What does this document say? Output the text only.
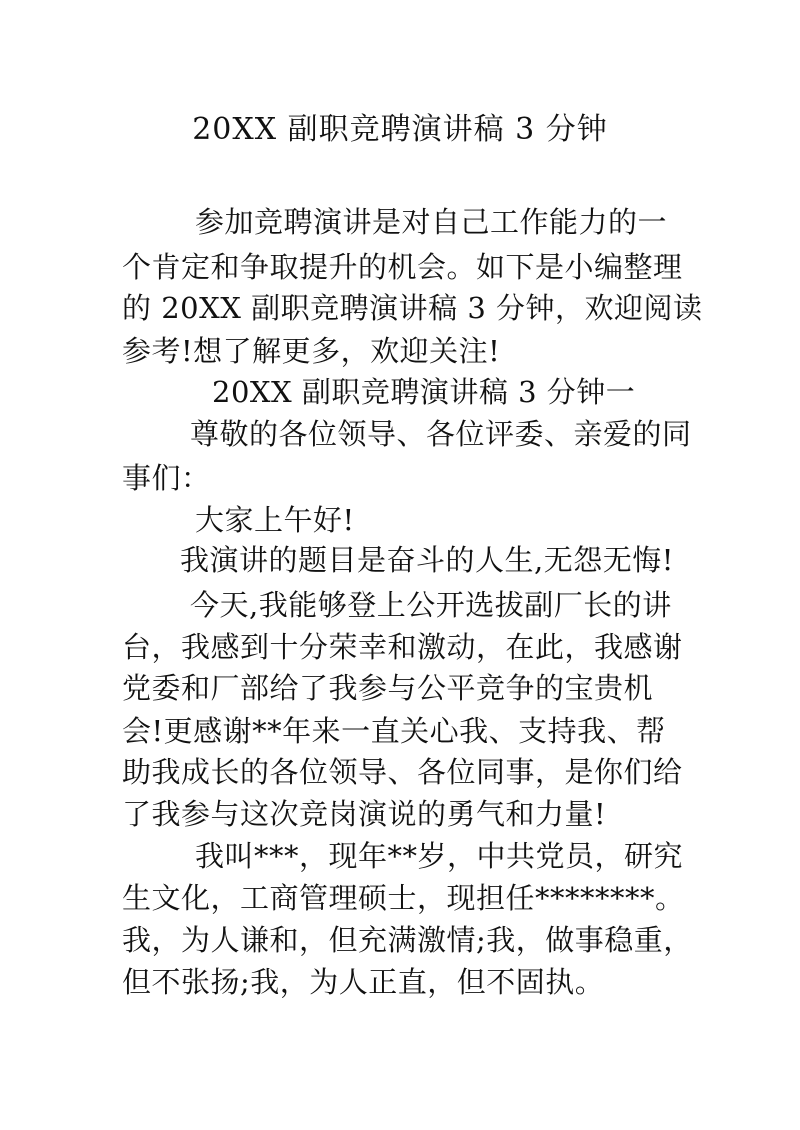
20XX 副职竞聘演讲稿 3 分钟
参加竞聘演讲是对自己工作能力的一
个肯定和争取提升的机会。如下是小编整理
的 20XX 副职竞聘演讲稿 3 分钟，欢迎阅读
参考!想了解更多，欢迎关注!
20XX 副职竞聘演讲稿 3 分钟一
尊敬的各位领导、各位评委、亲爱的同
事们：
大家上午好!
我演讲的题目是奋斗的人生,无怨无悔!
今天,我能够登上公开选拔副厂长的讲
台，我感到十分荣幸和激动，在此，我感谢
党委和厂部给了我参与公平竞争的宝贵机
会!更感谢**年来一直关心我、支持我、帮
助我成长的各位领导、各位同事，是你们给
了我参与这次竞岗演说的勇气和力量!
我叫***，现年**岁，中共党员，研究
生文化，工商管理硕士，现担任********。
我，为人谦和，但充满激情;我，做事稳重，
但不张扬;我，为人正直，但不固执。
